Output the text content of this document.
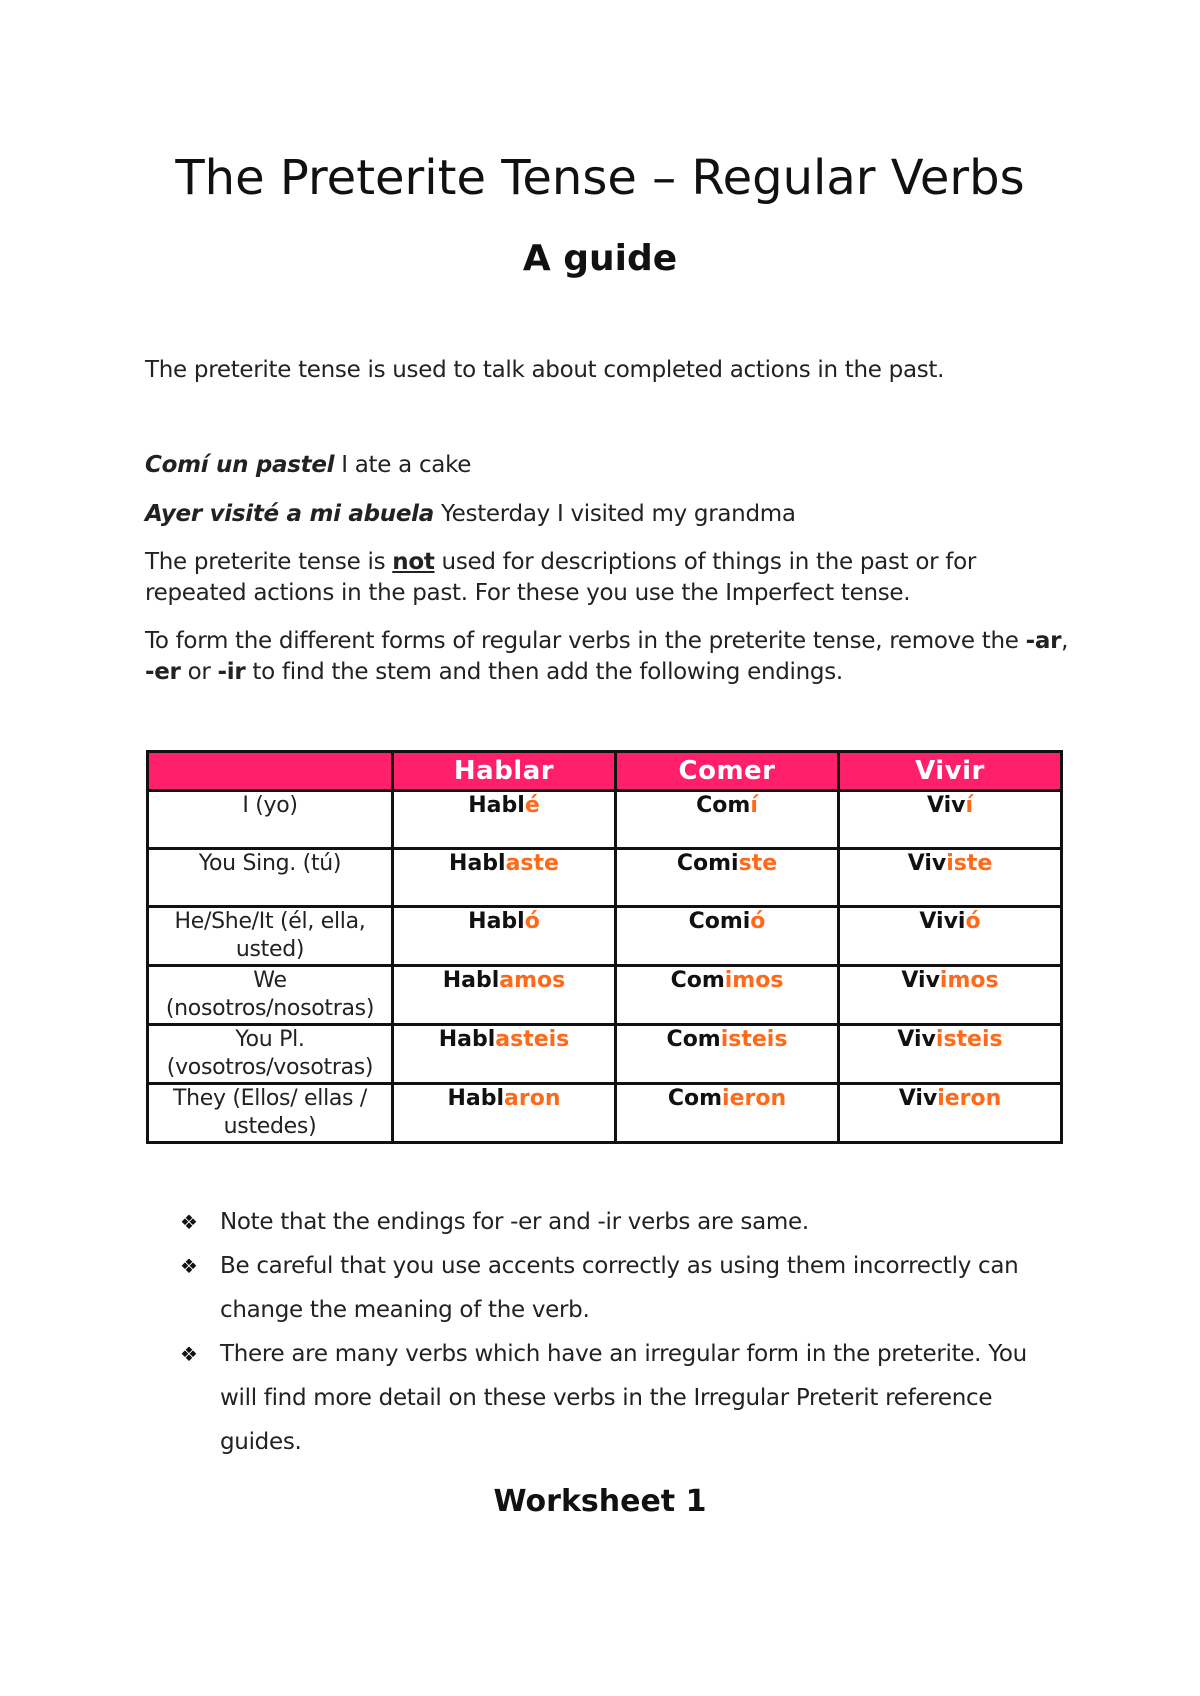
The Preterite Tense – Regular Verbs
A guide
The preterite tense is used to talk about completed actions in the past.
Comí un pastel I ate a cake
Ayer visité a mi abuela Yesterday I visited my grandma
The preterite tense is not used for descriptions of things in the past or for repeated actions in the past. For these you use the Imperfect tense.
To form the different forms of regular verbs in the preterite tense, remove the -ar, -er or -ir to find the stem and then add the following endings.
	Hablar	Comer	Vivir
I (yo)	Hablé	Comí	Viví
You Sing. (tú)	Hablaste	Comiste	Viviste
He/She/It (él, ella, usted)	Habló	Comió	Vivió
We (nosotros/nosotras)	Hablamos	Comimos	Vivimos
You Pl. (vosotros/vosotras)	Hablasteis	Comisteis	Vivisteis
They (Ellos/ ellas / ustedes)	Hablaron	Comieron	Vivieron
❖ Note that the endings for -er and -ir verbs are same.
❖ Be careful that you use accents correctly as using them incorrectly can change the meaning of the verb.
❖ There are many verbs which have an irregular form in the preterite. You will find more detail on these verbs in the Irregular Preterit reference guides.
Worksheet 1
